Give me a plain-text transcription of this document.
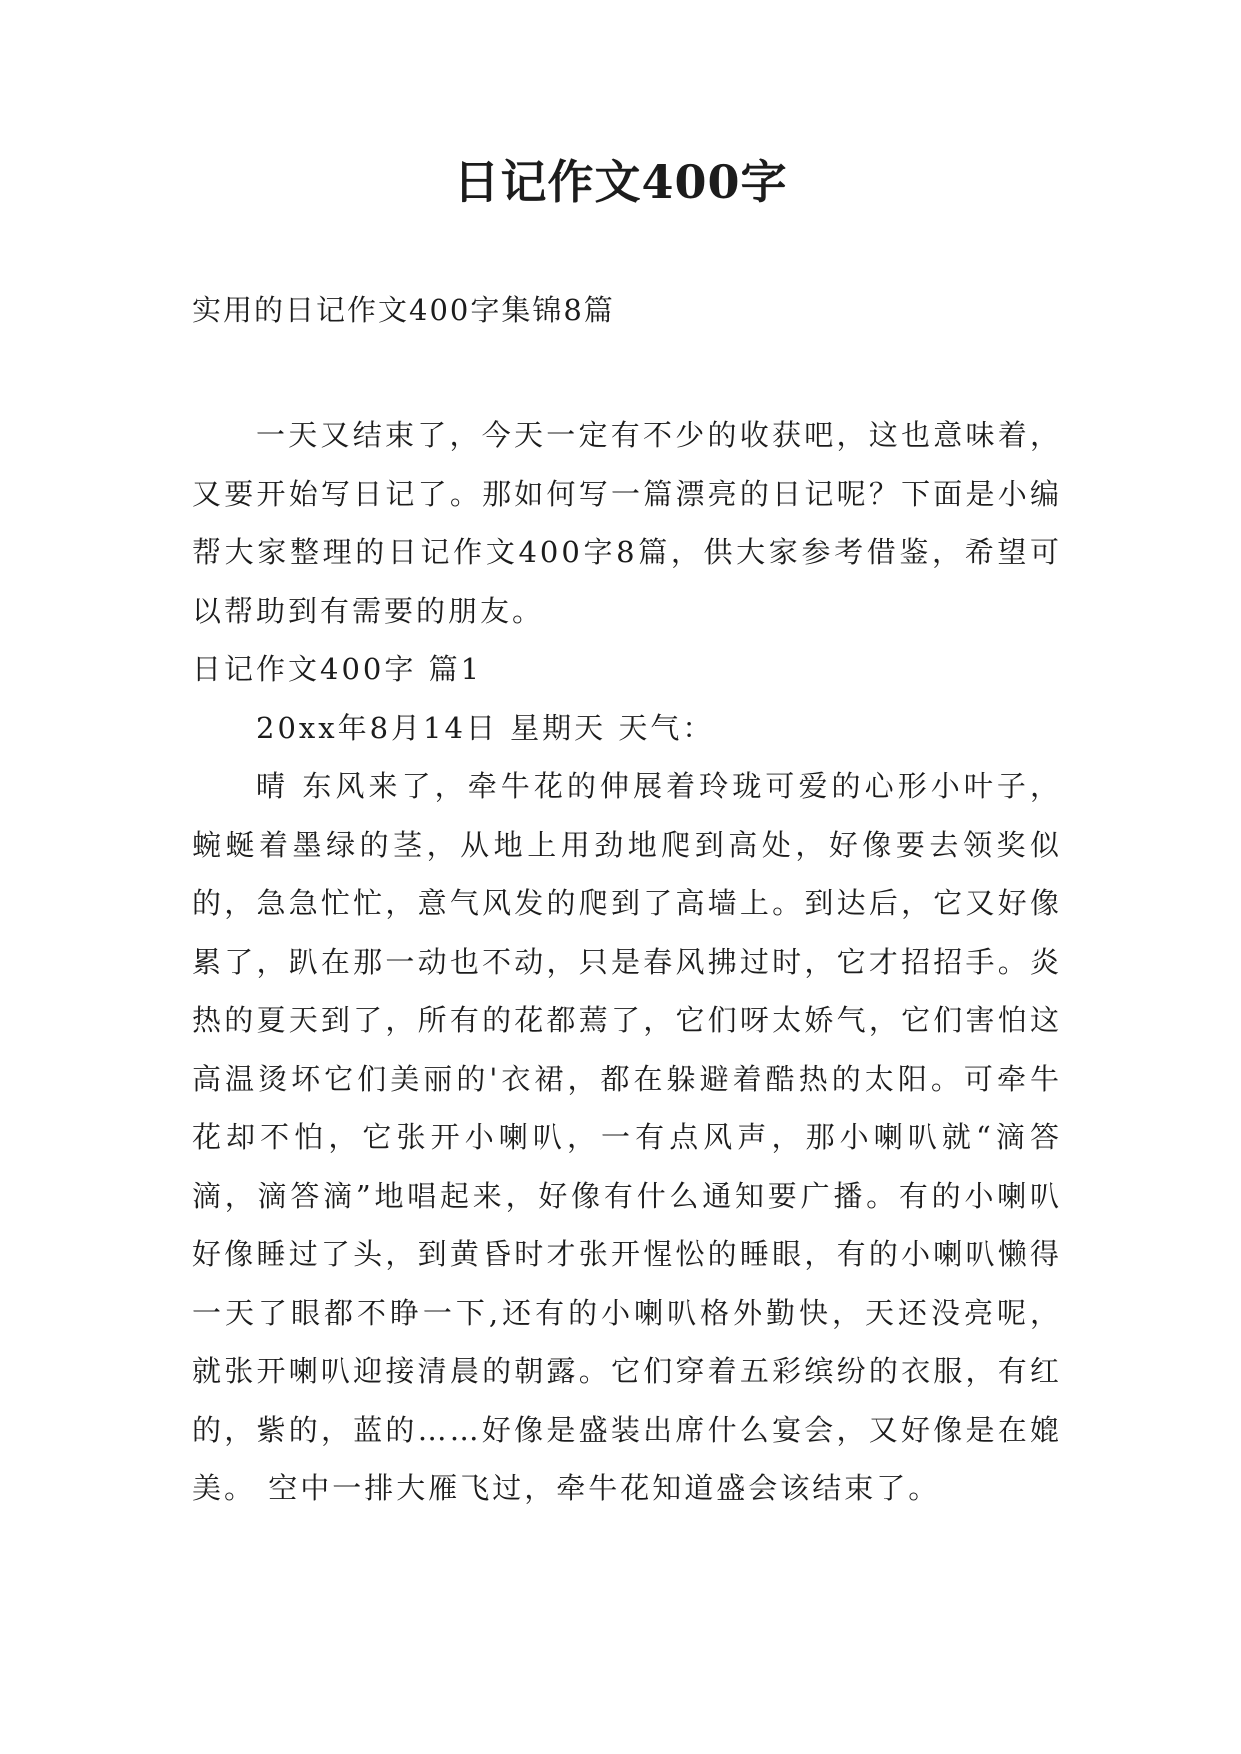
日记作文400字

实用的日记作文400字集锦8篇

一天又结束了，今天一定有不少的收获吧，这也意味着，又要开始写日记了。那如何写一篇漂亮的日记呢？下面是小编帮大家整理的日记作文400字8篇，供大家参考借鉴，希望可以帮助到有需要的朋友。

日记作文400字 篇1

20xx年8月14日 星期天 天气：

晴 东风来了，牵牛花的伸展着玲珑可爱的心形小叶子，蜿蜒着墨绿的茎，从地上用劲地爬到高处，好像要去领奖似的，急急忙忙，意气风发的爬到了高墙上。到达后，它又好像累了，趴在那一动也不动，只是春风拂过时，它才招招手。炎热的夏天到了，所有的花都蔫了，它们呀太娇气，它们害怕这高温烫坏它们美丽的'衣裙，都在躲避着酷热的太阳。可牵牛花却不怕，它张开小喇叭，一有点风声，那小喇叭就“滴答滴，滴答滴”地唱起来，好像有什么通知要广播。有的小喇叭好像睡过了头，到黄昏时才张开惺忪的睡眼，有的小喇叭懒得一天了眼都不睁一下,还有的小喇叭格外勤快，天还没亮呢，就张开喇叭迎接清晨的朝露。它们穿着五彩缤纷的衣服，有红的，紫的，蓝的……好像是盛装出席什么宴会，又好像是在媲美。 空中一排大雁飞过，牵牛花知道盛会该结束了。
